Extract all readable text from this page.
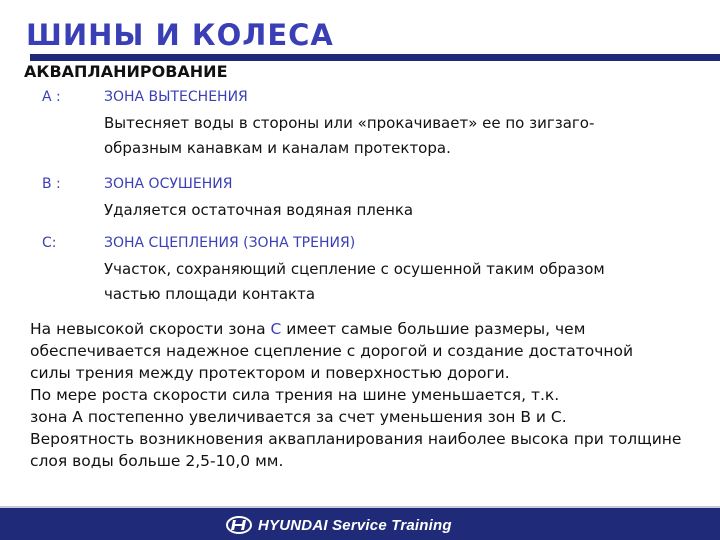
ШИНЫ И КОЛЕСА
АКВАПЛАНИРОВАНИЕ
A :	ЗОНА ВЫТЕСНЕНИЯ
Вытесняет воды в стороны или «прокачивает» ее по зигзаго-

образным канавкам и каналам протектора.
B :	ЗОНА ОСУШЕНИЯ
Удаляется остаточная водяная пленка
C:	ЗОНА СЦЕПЛЕНИЯ (ЗОНА ТРЕНИЯ)
Участок, сохраняющий сцепление с осушенной таким образом

частью площади контакта
На невысокой скорости зона C имеет самые большие размеры, чем
обеспечивается надежное сцепление с дорогой и создание достаточной
силы трения между протектором и поверхностью дороги.
По мере роста скорости сила трения на шине уменьшается, т.к.
зона A постепенно увеличивается за счет уменьшения зон B и C.
Вероятность возникновения аквапланирования наиболее высока при толщине
слоя воды больше 2,5-10,0 мм.
HYUNDAI Service Training
